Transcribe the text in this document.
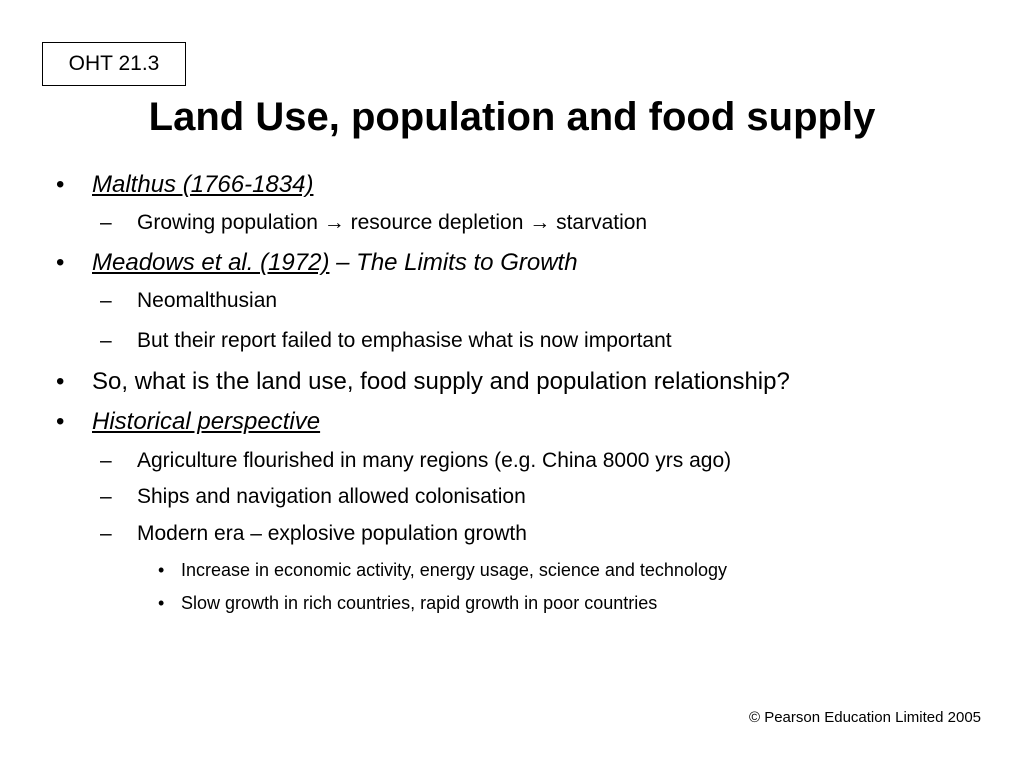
OHT 21.3
Land Use, population and food supply
• Malthus (1766-1834)
– Growing population → resource depletion → starvation
• Meadows et al. (1972) – The Limits to Growth
– Neomalthusian
– But their report failed to emphasise what is now important
• So, what is the land use, food supply and population relationship?
• Historical perspective
– Agriculture flourished in many regions (e.g. China 8000 yrs ago)
– Ships and navigation allowed colonisation
– Modern era – explosive population growth
• Increase in economic activity, energy usage, science and technology
• Slow growth in rich countries, rapid growth in poor countries
© Pearson Education Limited 2005
